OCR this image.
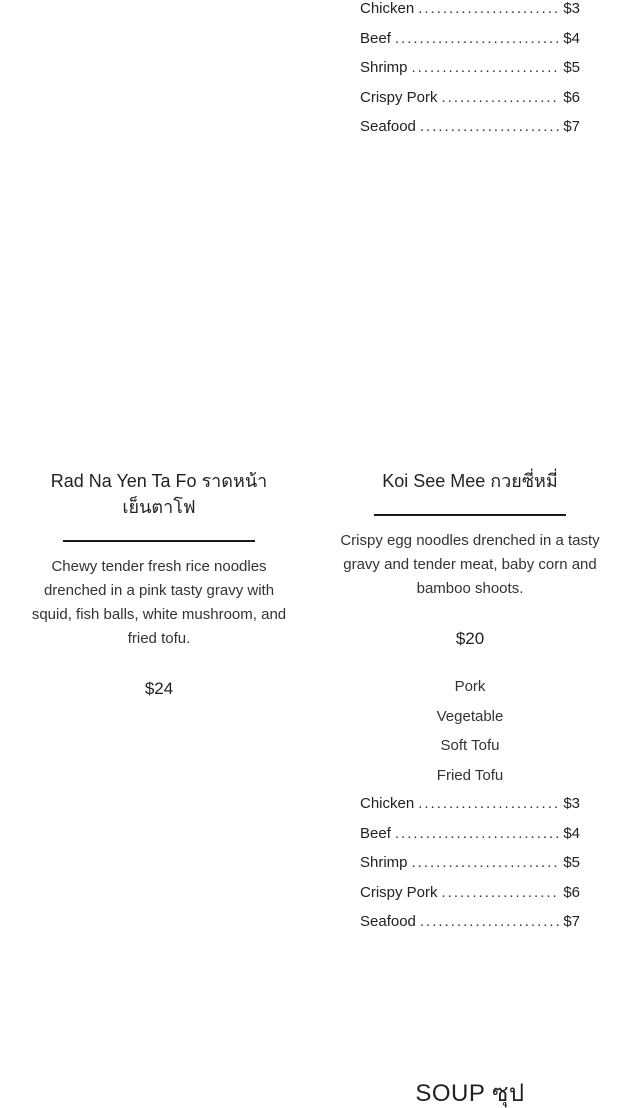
Chicken .....	$3
Beef .....	$4
Shrimp .....	$5
Crispy Pork .....	$6
Seafood .....	$7
Rad Na Yen Ta Fo ราดหน้า
เย็นตาโฟ

Chewy tender fresh rice noodles drenched in a pink tasty gravy with squid, fish balls, white mushroom, and fried tofu.

$24

Koi See Mee กวยซี่หมี่

Crispy egg noodles drenched in a tasty gravy and tender meat, baby corn and bamboo shoots.

$20

Pork
Vegetable
Soft Tofu
Fried Tofu
Chicken .....	$3
Beef .....	$4
Shrimp .....	$5
Crispy Pork .....	$6
Seafood .....	$7
SOUP ซุป
